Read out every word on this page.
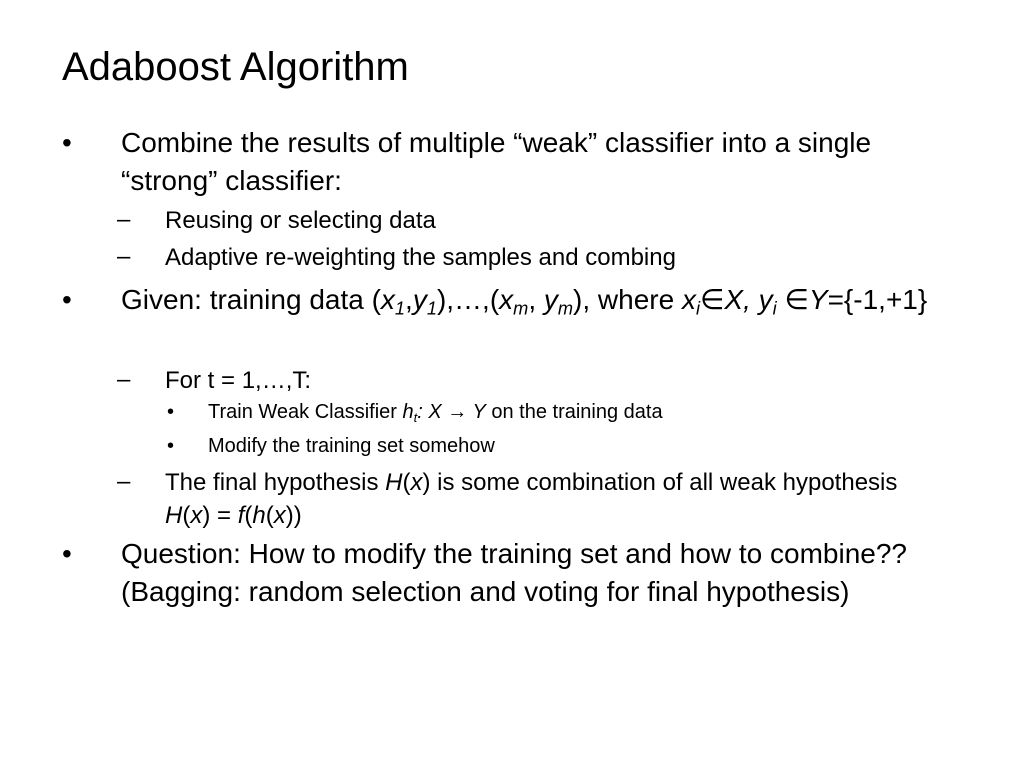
Adaboost Algorithm
• Combine the results of multiple “weak” classifier into a single “strong” classifier:
– Reusing or selecting data
– Adaptive re-weighting the samples and combing
• Given: training data $(x_1,y_1),\dots,(x_m$, $y_m$), where $x_i\in X$, $y_i$ ∈Y={-1,+1}
– For t = 1,…,T:
• Train Weak Classifier $h_t$: X → Y on the training data
• Modify the training set somehow
– The final hypothesis H(x) is some combination of all weak hypothesis H(x) = f(h(x))
• Question: How to modify the training set and how to combine?? (Bagging: random selection and voting for final hypothesis)
